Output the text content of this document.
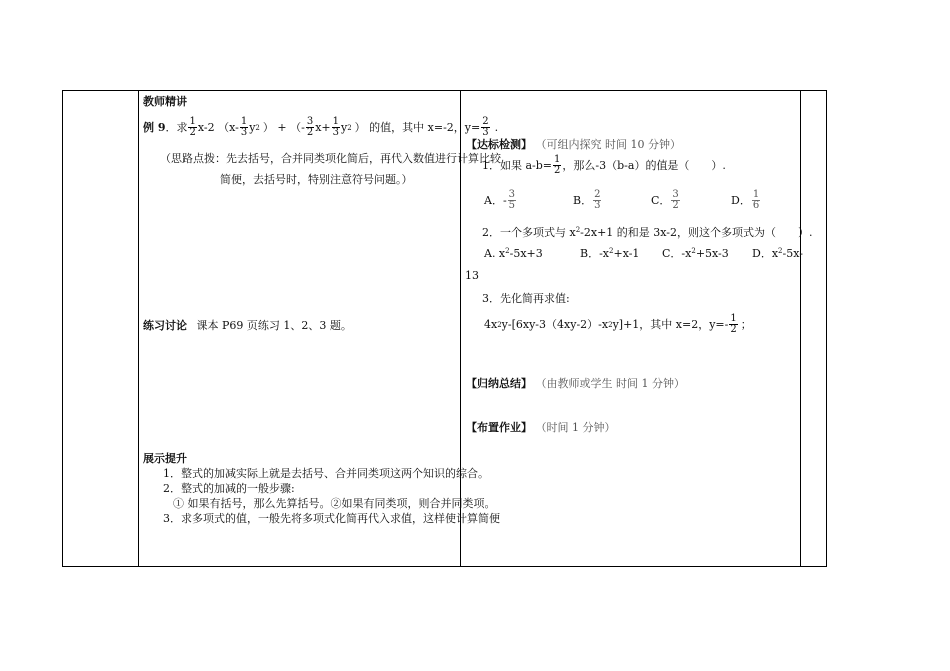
教师精讲
例 9 ． 求 $\frac{1}{2} x-2$ （$x- \frac{1}{3}$ y 2 ） + （- $\frac{3}{2} x+ \frac{1}{3}$ y 2 ） 的值，其中 x=-2，$y= \frac{2}{3}$ .
（思路点拨：先去括号，合并同类项化简后，再代入数值进行计算比较
简便，去括号时，特别注意符号问题。）
练习讨论 课本 P69 页练习 1、2、3 题。
展示提升
1．整式的加减实际上就是去括号、合并同类项这两个知识的综合。
2．整式的加减的一般步骤:
① 如果有括号，那么先算括号。②如果有同类项，则合并同类项。
3．求多项式的值，一般先将多项式化简再代入求值，这样使计算简便
【达标检测】 （可组内探究 时间 10 分钟）
1．如果 $a-b= \frac{1}{2}$ ，那么-3（b-a）的值是（　　）.
A．- $\frac{3}{5}$	B． $\frac{2}{3}$	C． $\frac{3}{2}$	D． $\frac{1}{6}$
2．一个多项式与 $x^2-2x+1$ 的和是 3x-2，则这个多项式为（　　）.
A. $x^2-5x+3$	B．$-x^2+x-1$ C．$-x^2+5x-3$ D．$x^2-5x-$
13
3．先化简再求值:
4x 2 y-[6xy-3（4xy-2）-x 2 y]+1，其中 x=2，$y=- \frac{1}{2}$ ；
【归纳总结】 （由教师或学生 时间 1 分钟）
【布置作业】 （时间 1 分钟）
